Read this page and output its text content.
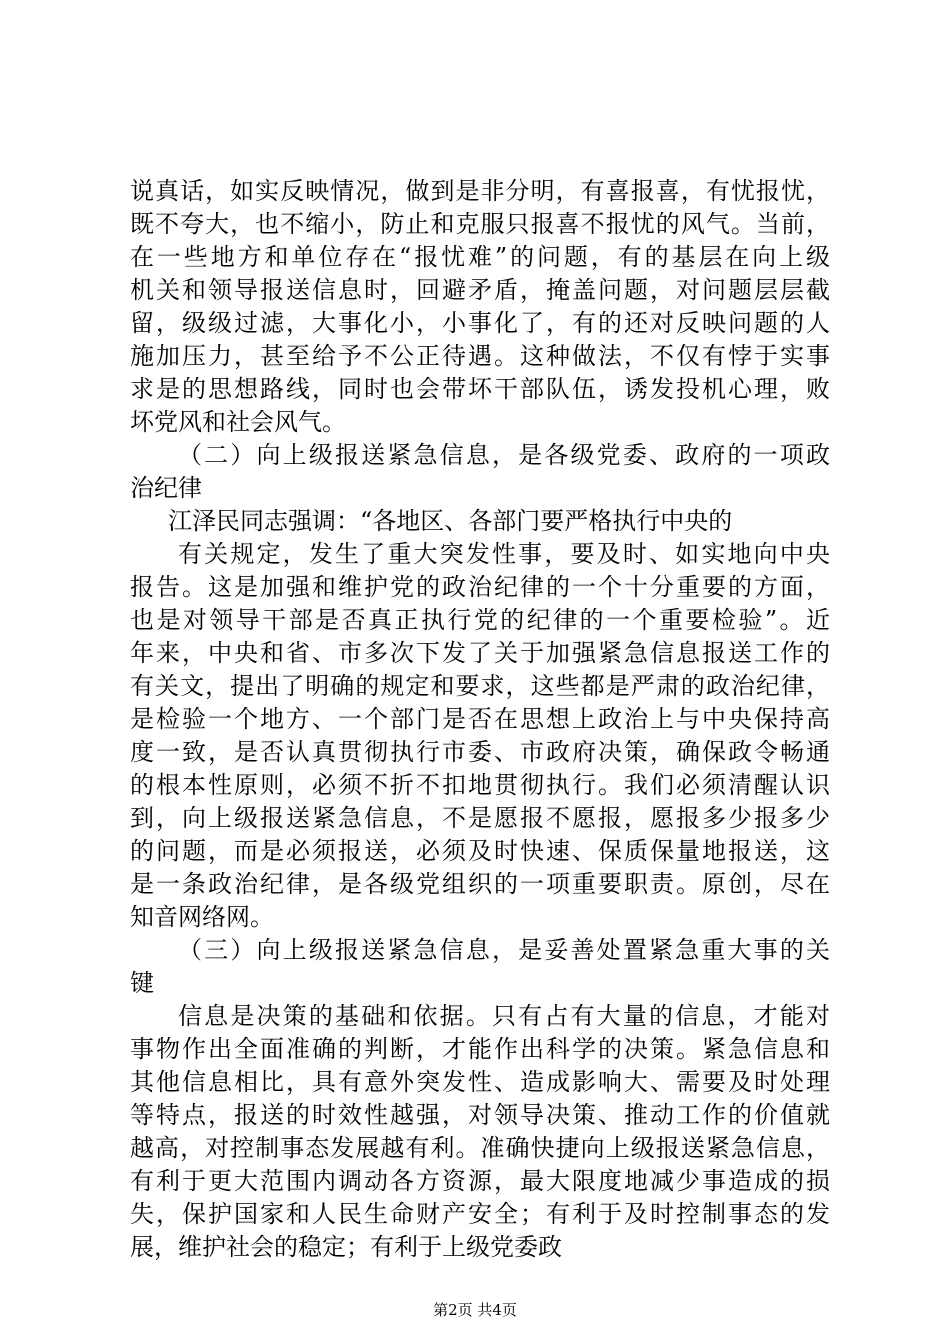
说真话，如实反映情况，做到是非分明，有喜报喜，有忧报忧，
既不夸大，也不缩小，防止和克服只报喜不报忧的风气。当前，
在一些地方和单位存在“报忧难”的问题，有的基层在向上级
机关和领导报送信息时，回避矛盾，掩盖问题，对问题层层截
留，级级过滤，大事化小，小事化了，有的还对反映问题的人
施加压力，甚至给予不公正待遇。这种做法，不仅有悖于实事
求是的思想路线，同时也会带坏干部队伍，诱发投机心理，败
坏党风和社会风气。
（二）向上级报送紧急信息，是各级党委、政府的一项政
治纪律
江泽民同志强调：“各地区、各部门要严格执行中央的
有关规定，发生了重大突发性事，要及时、如实地向中央
报告。这是加强和维护党的政治纪律的一个十分重要的方面，
也是对领导干部是否真正执行党的纪律的一个重要检验”。近
年来，中央和省、市多次下发了关于加强紧急信息报送工作的
有关文，提出了明确的规定和要求，这些都是严肃的政治纪律，
是检验一个地方、一个部门是否在思想上政治上与中央保持高
度一致，是否认真贯彻执行市委、市政府决策，确保政令畅通
的根本性原则，必须不折不扣地贯彻执行。我们必须清醒认识
到，向上级报送紧急信息，不是愿报不愿报，愿报多少报多少
的问题，而是必须报送，必须及时快速、保质保量地报送，这
是一条政治纪律，是各级党组织的一项重要职责。原创，尽在
知音网络网。
（三）向上级报送紧急信息，是妥善处置紧急重大事的关
键
信息是决策的基础和依据。只有占有大量的信息，才能对
事物作出全面准确的判断，才能作出科学的决策。紧急信息和
其他信息相比，具有意外突发性、造成影响大、需要及时处理
等特点，报送的时效性越强，对领导决策、推动工作的价值就
越高，对控制事态发展越有利。准确快捷向上级报送紧急信息，
有利于更大范围内调动各方资源，最大限度地减少事造成的损
失，保护国家和人民生命财产安全；有利于及时控制事态的发
展，维护社会的稳定；有利于上级党委政
第2页 共4页
